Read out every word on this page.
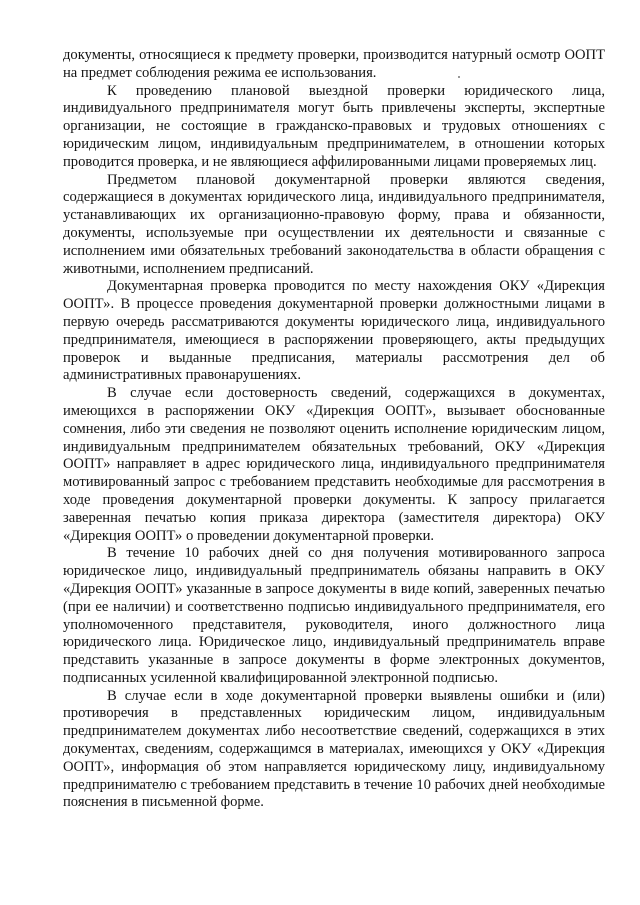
документы, относящиеся к предмету проверки, производится натурный осмотр ООПТ на предмет соблюдения режима ее использования.

К проведению плановой выездной проверки юридического лица, индивидуального предпринимателя могут быть привлечены эксперты, экспертные организации, не состоящие в гражданско-правовых и трудовых отношениях с юридическим лицом, индивидуальным предпринимателем, в отношении которых проводится проверка, и не являющиеся аффилированными лицами проверяемых лиц.

Предметом плановой документарной проверки являются сведения, содержащиеся в документах юридического лица, индивидуального предпринимателя, устанавливающих их организационно-правовую форму, права и обязанности, документы, используемые при осуществлении их деятельности и связанные с исполнением ими обязательных требований законодательства в области обращения с животными, исполнением предписаний.

Документарная проверка проводится по месту нахождения ОКУ «Дирекция ООПТ». В процессе проведения документарной проверки должностными лицами в первую очередь рассматриваются документы юридического лица, индивидуального предпринимателя, имеющиеся в распоряжении проверяющего, акты предыдущих проверок и выданные предписания, материалы рассмотрения дел об административных правонарушениях.

В случае если достоверность сведений, содержащихся в документах, имеющихся в распоряжении ОКУ «Дирекция ООПТ», вызывает обоснованные сомнения, либо эти сведения не позволяют оценить исполнение юридическим лицом, индивидуальным предпринимателем обязательных требований, ОКУ «Дирекция ООПТ» направляет в адрес юридического лица, индивидуального предпринимателя мотивированный запрос с требованием представить необходимые для рассмотрения в ходе проведения документарной проверки документы. К запросу прилагается заверенная печатью копия приказа директора (заместителя директора) ОКУ «Дирекция ООПТ» о проведении документарной проверки.

В течение 10 рабочих дней со дня получения мотивированного запроса юридическое лицо, индивидуальный предприниматель обязаны направить в ОКУ «Дирекция ООПТ» указанные в запросе документы в виде копий, заверенных печатью (при ее наличии) и соответственно подписью индивидуального предпринимателя, его уполномоченного представителя, руководителя, иного должностного лица юридического лица. Юридическое лицо, индивидуальный предприниматель вправе представить указанные в запросе документы в форме электронных документов, подписанных усиленной квалифицированной электронной подписью.

В случае если в ходе документарной проверки выявлены ошибки и (или) противоречия в представленных юридическим лицом, индивидуальным предпринимателем документах либо несоответствие сведений, содержащихся в этих документах, сведениям, содержащимся в материалах, имеющихся у ОКУ «Дирекция ООПТ», информация об этом направляется юридическому лицу, индивидуальному предпринимателю с требованием представить в течение 10 рабочих дней необходимые пояснения в письменной форме.
